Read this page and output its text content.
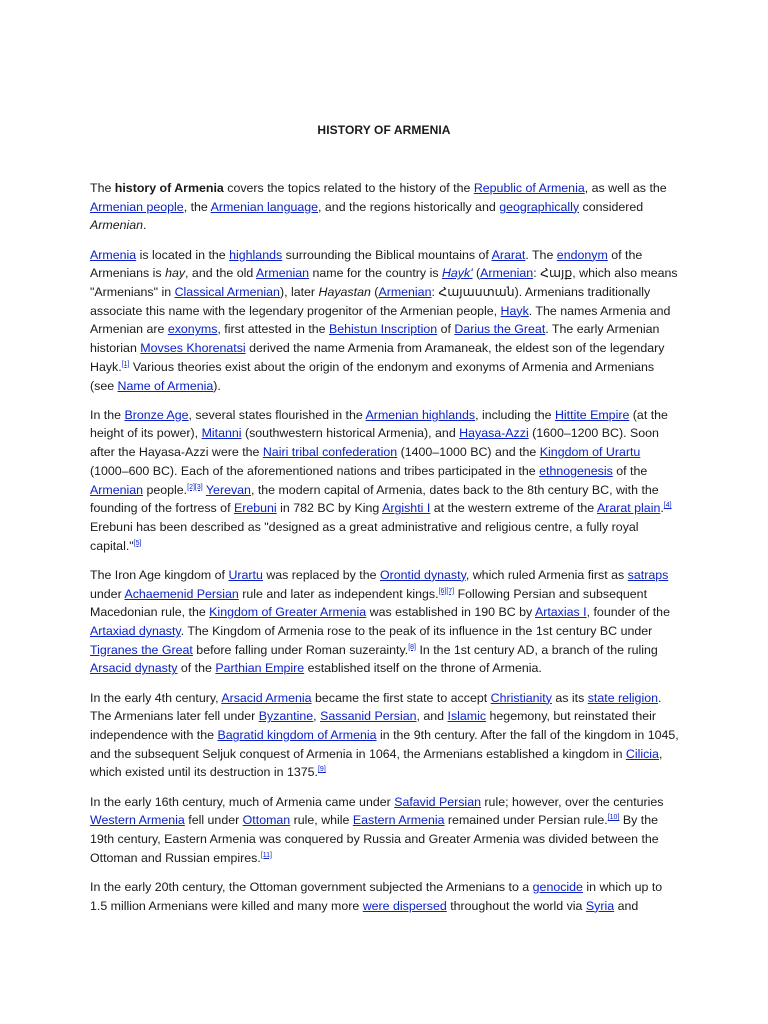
HISTORY OF ARMENIA

The history of Armenia covers the topics related to the history of the Republic of Armenia, as well as the Armenian people, the Armenian language, and the regions historically and geographically considered Armenian.

Armenia is located in the highlands surrounding the Biblical mountains of Ararat. The endonym of the Armenians is hay, and the old Armenian name for the country is Hayk' (Armenian: Հայք, which also means "Armenians" in Classical Armenian), later Hayastan (Armenian: Հայաստան). Armenians traditionally associate this name with the legendary progenitor of the Armenian people, Hayk. The names Armenia and Armenian are exonyms, first attested in the Behistun Inscription of Darius the Great. The early Armenian historian Movses Khorenatsi derived the name Armenia from Aramaneak, the eldest son of the legendary Hayk.[1] Various theories exist about the origin of the endonym and exonyms of Armenia and Armenians (see Name of Armenia).

In the Bronze Age, several states flourished in the Armenian highlands, including the Hittite Empire (at the height of its power), Mitanni (southwestern historical Armenia), and Hayasa-Azzi (1600–1200 BC). Soon after the Hayasa-Azzi were the Nairi tribal confederation (1400–1000 BC) and the Kingdom of Urartu (1000–600 BC). Each of the aforementioned nations and tribes participated in the ethnogenesis of the Armenian people.[2][3] Yerevan, the modern capital of Armenia, dates back to the 8th century BC, with the founding of the fortress of Erebuni in 782 BC by King Argishti I at the western extreme of the Ararat plain.[4] Erebuni has been described as "designed as a great administrative and religious centre, a fully royal capital."[5]

The Iron Age kingdom of Urartu was replaced by the Orontid dynasty, which ruled Armenia first as satraps under Achaemenid Persian rule and later as independent kings.[6][7] Following Persian and subsequent Macedonian rule, the Kingdom of Greater Armenia was established in 190 BC by Artaxias I, founder of the Artaxiad dynasty. The Kingdom of Armenia rose to the peak of its influence in the 1st century BC under Tigranes the Great before falling under Roman suzerainty.[8] In the 1st century AD, a branch of the ruling Arsacid dynasty of the Parthian Empire established itself on the throne of Armenia.

In the early 4th century, Arsacid Armenia became the first state to accept Christianity as its state religion. The Armenians later fell under Byzantine, Sassanid Persian, and Islamic hegemony, but reinstated their independence with the Bagratid kingdom of Armenia in the 9th century. After the fall of the kingdom in 1045, and the subsequent Seljuk conquest of Armenia in 1064, the Armenians established a kingdom in Cilicia, which existed until its destruction in 1375.[9]

In the early 16th century, much of Armenia came under Safavid Persian rule; however, over the centuries Western Armenia fell under Ottoman rule, while Eastern Armenia remained under Persian rule.[10] By the 19th century, Eastern Armenia was conquered by Russia and Greater Armenia was divided between the Ottoman and Russian empires.[11]

In the early 20th century, the Ottoman government subjected the Armenians to a genocide in which up to 1.5 million Armenians were killed and many more were dispersed throughout the world via Syria and
